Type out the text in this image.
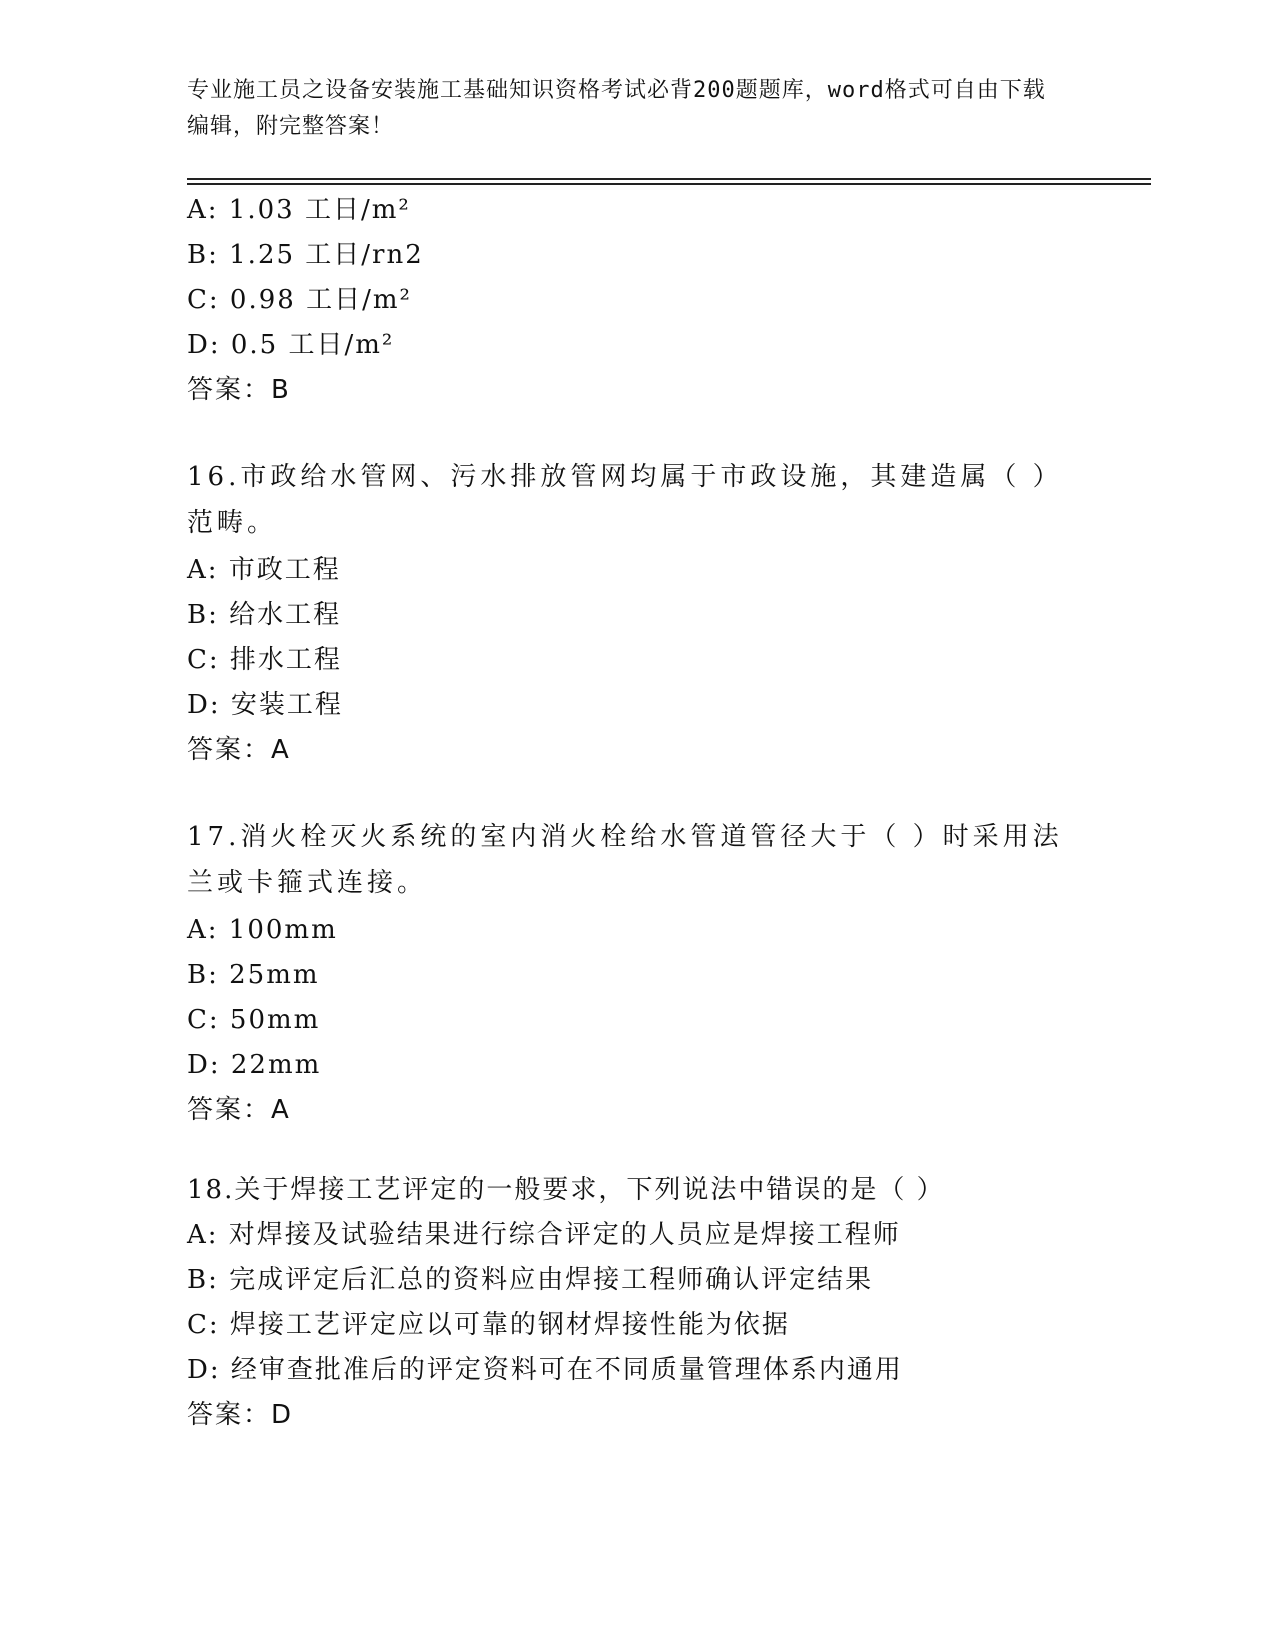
专业施工员之设备安装施工基础知识资格考试必背200题题库，word格式可自由下载编辑，附完整答案！
A: 1.03 工日/m²
B: 1.25 工日/rn2
C: 0.98 工日/m²
D: 0.5 工日/m²
答案：B
16.市政给水管网、污水排放管网均属于市政设施，其建造属（ ）范畴。
A: 市政工程
B: 给水工程
C: 排水工程
D: 安装工程
答案：A
17.消火栓灭火系统的室内消火栓给水管道管径大于（ ）时采用法兰或卡箍式连接。
A: 100mm
B: 25mm
C: 50mm
D: 22mm
答案：A
18.关于焊接工艺评定的一般要求，下列说法中错误的是（ ）
A: 对焊接及试验结果进行综合评定的人员应是焊接工程师
B: 完成评定后汇总的资料应由焊接工程师确认评定结果
C: 焊接工艺评定应以可靠的钢材焊接性能为依据
D: 经审查批准后的评定资料可在不同质量管理体系内通用
答案：D
